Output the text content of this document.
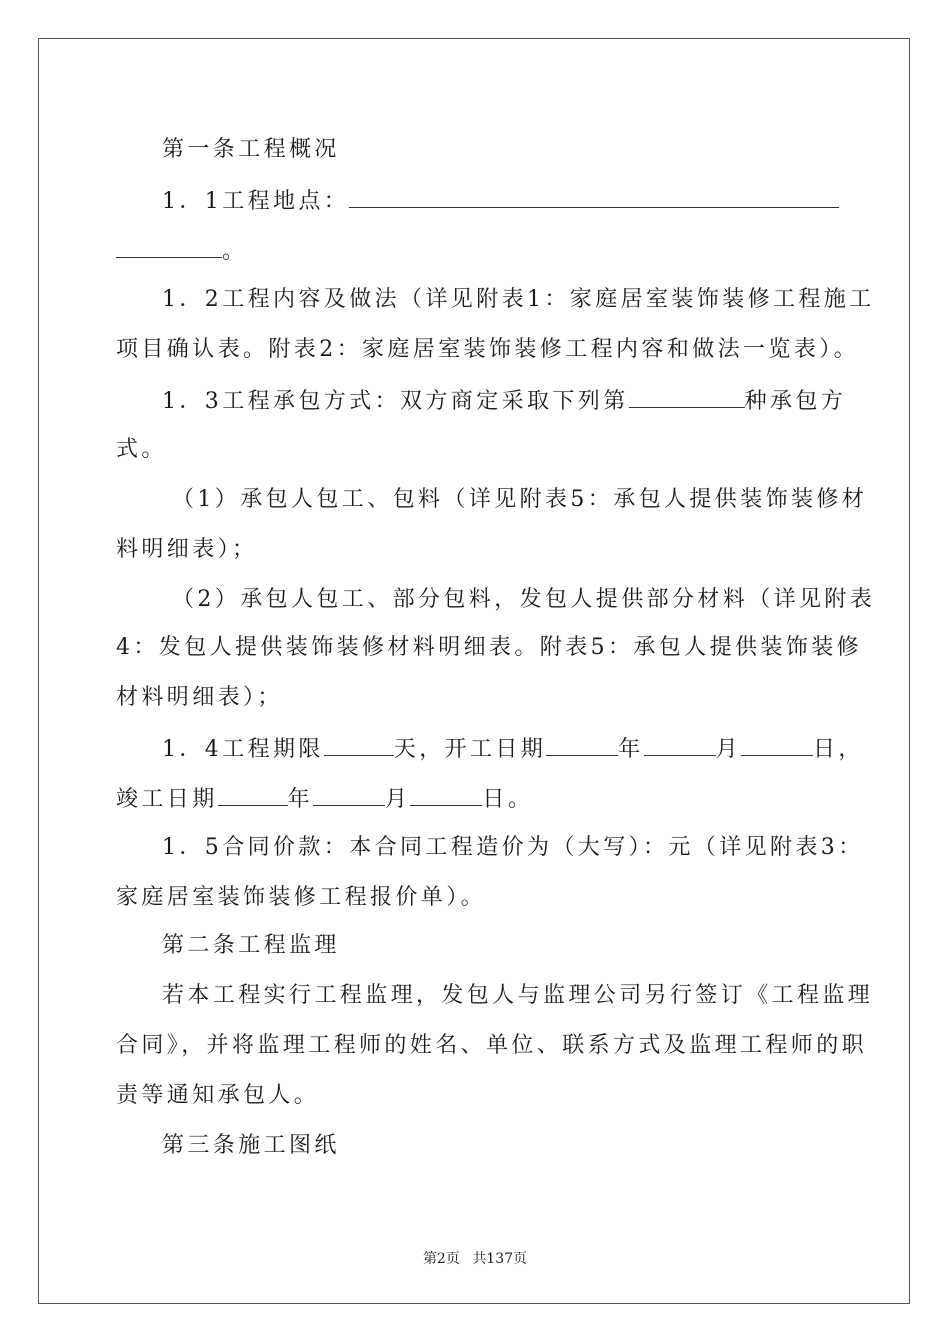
第一条工程概况
1．1工程地点：
。
1．2工程内容及做法（详见附表1：家庭居室装饰装修工程施工
项目确认表。附表2：家庭居室装饰装修工程内容和做法一览表）。
1．3工程承包方式：双方商定采取下列第	种承包方
式。
（1）承包人包工、包料（详见附表5：承包人提供装饰装修材
料明细表）；
（2）承包人包工、部分包料，发包人提供部分材料（详见附表
4：发包人提供装饰装修材料明细表。附表5：承包人提供装饰装修
材料明细表）；
1．4工程期限	天，开工日期	年	月	日，
竣工日期	年	月	日。
1．5合同价款：本合同工程造价为（大写）：元（详见附表3：
家庭居室装饰装修工程报价单）。
第二条工程监理
若本工程实行工程监理，发包人与监理公司另行签订《工程监理
合同》，并将监理工程师的姓名、单位、联系方式及监理工程师的职
责等通知承包人。
第三条施工图纸
第2页 共137页
